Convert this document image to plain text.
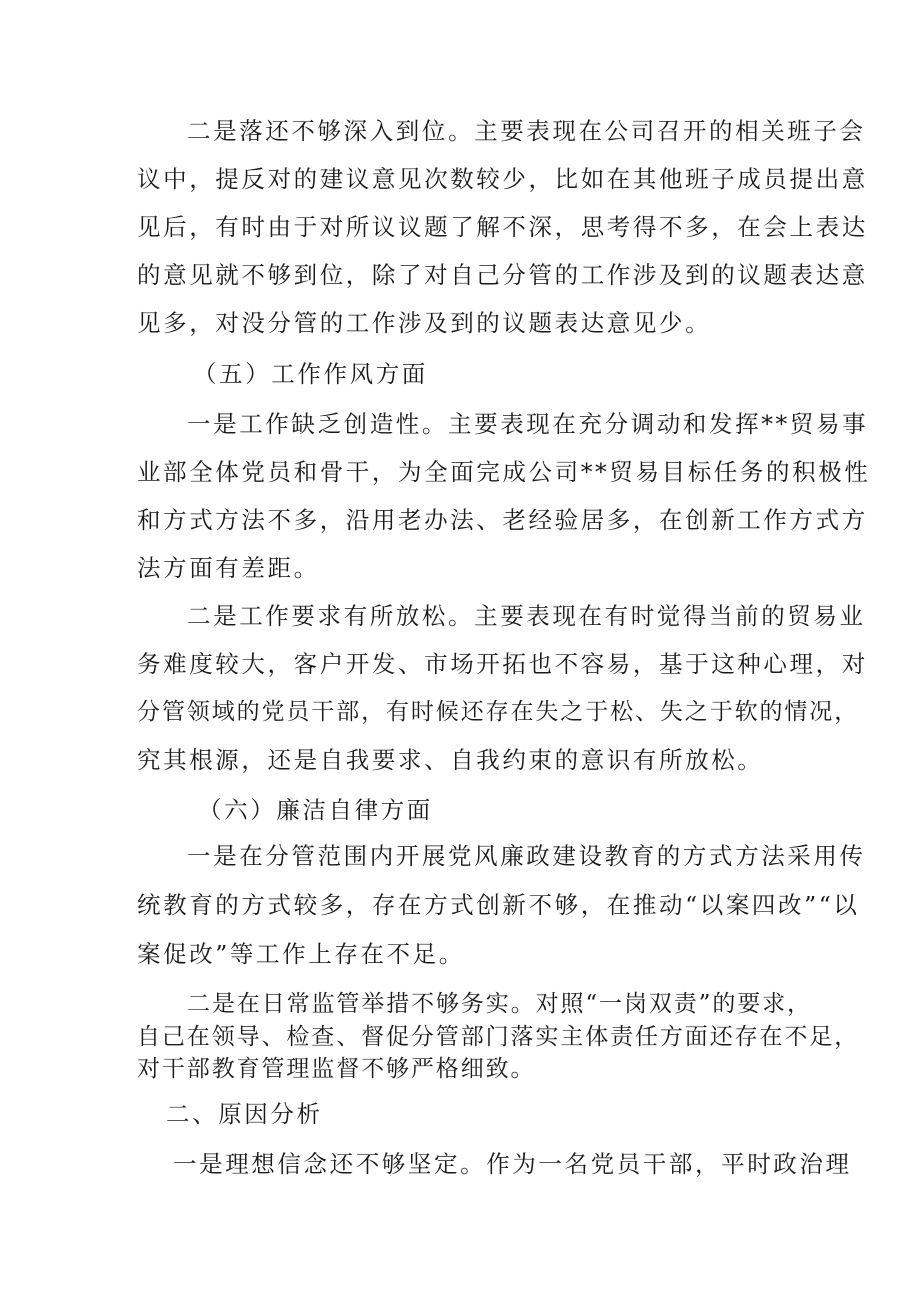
二是落还不够深入到位。主要表现在公司召开的相关班子会
议中，提反对的建议意见次数较少，比如在其他班子成员提出意
见后，有时由于对所议议题了解不深，思考得不多，在会上表达
的意见就不够到位，除了对自己分管的工作涉及到的议题表达意
见多，对没分管的工作涉及到的议题表达意见少。
（五）工作作风方面
一是工作缺乏创造性。主要表现在充分调动和发挥**贸易事
业部全体党员和骨干，为全面完成公司**贸易目标任务的积极性
和方式方法不多，沿用老办法、老经验居多，在创新工作方式方
法方面有差距。
二是工作要求有所放松。主要表现在有时觉得当前的贸易业
务难度较大，客户开发、市场开拓也不容易，基于这种心理，对
分管领域的党员干部，有时候还存在失之于松、失之于软的情况，
究其根源，还是自我要求、自我约束的意识有所放松。
（六）廉洁自律方面
一是在分管范围内开展党风廉政建设教育的方式方法采用传
统教育的方式较多，存在方式创新不够，在推动“以案四改”“以
案促改”等工作上存在不足。
二是在日常监管举措不够务实。对照“一岗双责”的要求，
自己在领导、检查、督促分管部门落实主体责任方面还存在不足，
对干部教育管理监督不够严格细致。
二、原因分析
一是理想信念还不够坚定。作为一名党员干部，平时政治理
